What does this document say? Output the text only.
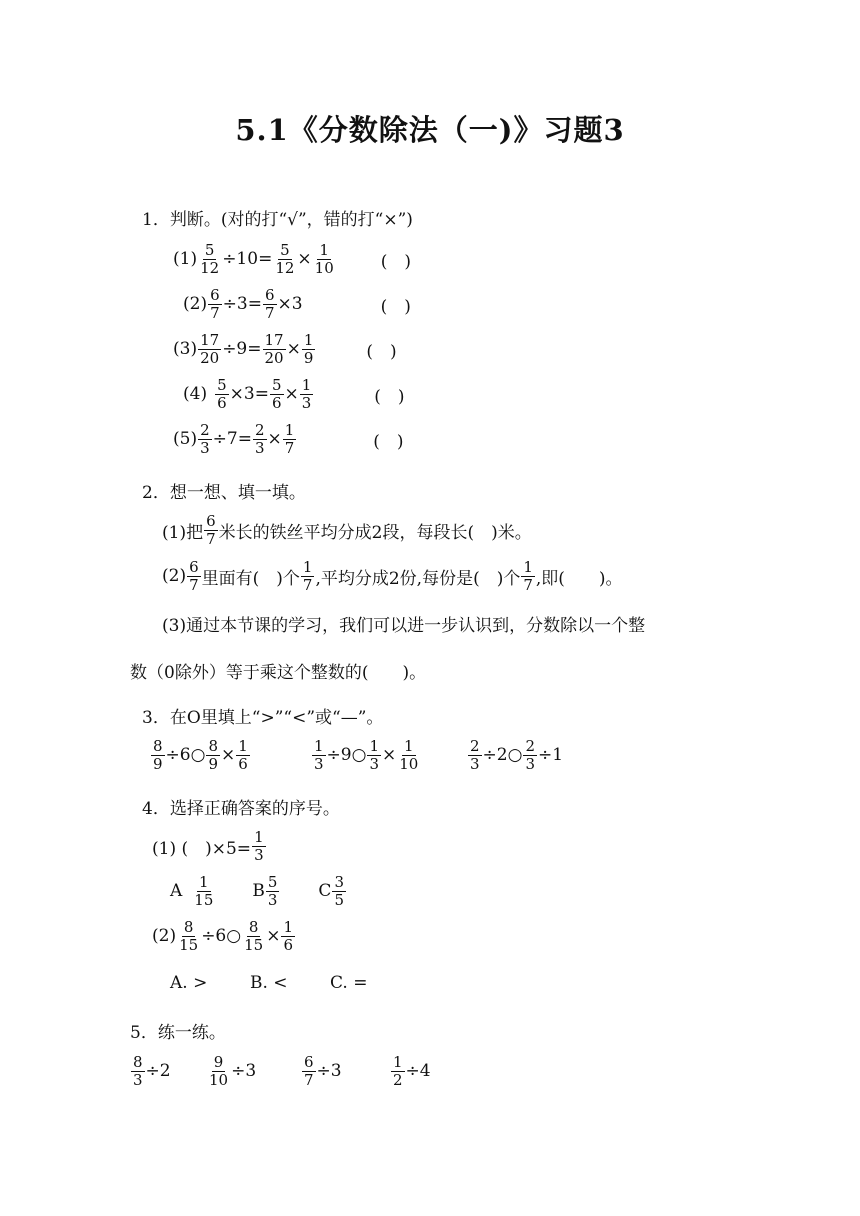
5.1《分数除法（一)》习题3
1．判断。(对的打“√”，错的打“×”)
$(1) \frac{5}{12} \div 10= \frac{5}{12} \times \frac{1}{10}$	(　)
$(2) \frac{6}{7} \div 3= \frac{6}{7} \times 3$	(　)
$(3) \frac{17}{20} \div 9= \frac{17}{20} \times \frac{1}{9}$	(　)
$(4) \frac{5}{6} \times 3= \frac{5}{6} \times \frac{1}{3}$	(　)
$(5) \frac{2}{3} \div 7= \frac{2}{3} \times \frac{1}{7}$	(　)
2．想一想、填一填。
(1)把 $\frac{6}{7}$ 米长的铁丝平均分成2段，每段长(　)米。
$(2) \frac{6}{7}$ 里面有(　)个 $\frac{1}{7}$ ,平均分成2份,每份是(　)个 $\frac{1}{7}$ ,即(　　)。
(3)通过本节课的学习，我们可以进一步认识到，分数除以一个整
数（0除外）等于乘这个整数的(　　)。
3．在O里填上“>”“<”或“—”。
$\frac{8}{9}$ ÷6○ $\frac{8}{9} \times \frac{1}{6}$	$\frac{1}{3}$ ÷9○ $\frac{1}{3} \times \frac{1}{10}$	$\frac{2}{3}$ ÷2○ $\frac{2}{3} \div 1$
4．选择正确答案的序号。
(1) (　)$\times 5= \frac{1}{3}$
A $\frac{1}{15}$ B $\frac{5}{3}$ C $\frac{3}{5}$
$(2) \frac{8}{15}$ ÷6○ $\frac{8}{15} \times \frac{1}{6}$
A. >	B. < C. =
5．练一练。
$\frac{8}{3} \div 2 \frac{9}{10} \div 3$	$\frac{6}{7} \div 3$	$\frac{1}{2} \div 4$
